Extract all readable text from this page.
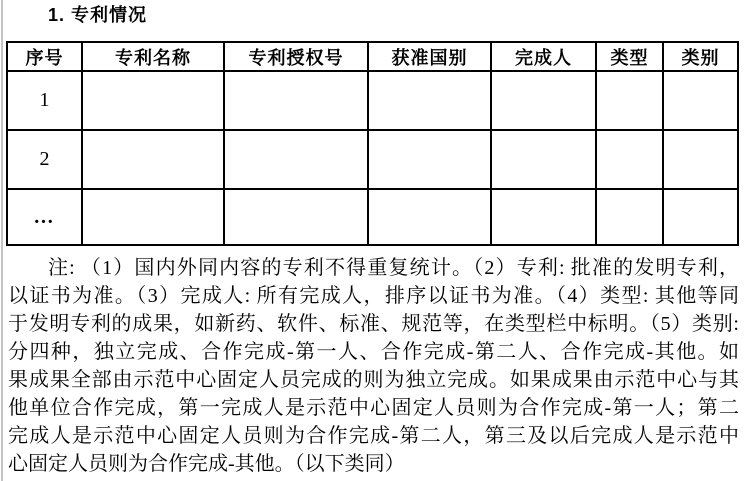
1. 专利情况
序号	专利名称	专利授权号	获准国别	完成人	类型	类别
1						
2						
…						
注: （1）国内外同内容的专利不得重复统计。（2）专利: 批准的发明专利，
以证书为准。（3）完成人: 所有完成人，排序以证书为准。（4）类型: 其他等同
于发明专利的成果，如新药、软件、标准、规范等，在类型栏中标明。（5）类别:
分四种，独立完成、合作完成-第一人、合作完成-第二人、合作完成-其他。如
果成果全部由示范中心固定人员完成的则为独立完成。如果成果由示范中心与其
他单位合作完成，第一完成人是示范中心固定人员则为合作完成-第一人；第二
完成人是示范中心固定人员则为合作完成-第二人，第三及以后完成人是示范中
心固定人员则为合作完成-其他。（以下类同）
